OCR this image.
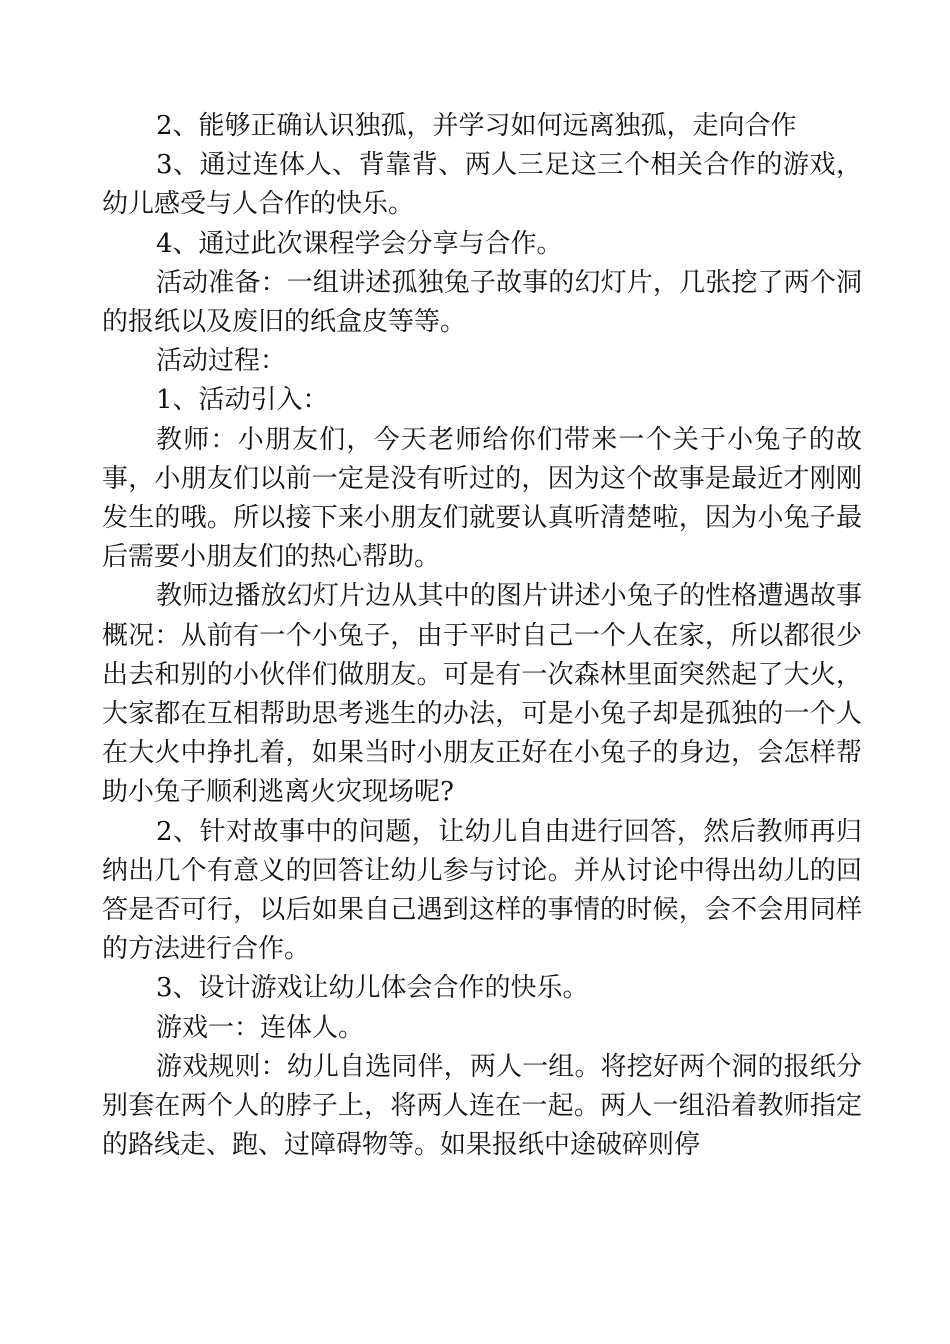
2、能够正确认识独孤，并学习如何远离独孤，走向合作

3、通过连体人、背靠背、两人三足这三个相关合作的游戏，幼儿感受与人合作的快乐。

4、通过此次课程学会分享与合作。

活动准备：一组讲述孤独兔子故事的幻灯片，几张挖了两个洞的报纸以及废旧的纸盒皮等等。

活动过程：

1、活动引入：

教师：小朋友们，今天老师给你们带来一个关于小兔子的故事，小朋友们以前一定是没有听过的，因为这个故事是最近才刚刚发生的哦。所以接下来小朋友们就要认真听清楚啦，因为小兔子最后需要小朋友们的热心帮助。

教师边播放幻灯片边从其中的图片讲述小兔子的性格遭遇故事概况：从前有一个小兔子，由于平时自己一个人在家，所以都很少出去和别的小伙伴们做朋友。可是有一次森林里面突然起了大火，大家都在互相帮助思考逃生的办法，可是小兔子却是孤独的一个人在大火中挣扎着，如果当时小朋友正好在小兔子的身边，会怎样帮助小兔子顺利逃离火灾现场呢?

2、针对故事中的问题，让幼儿自由进行回答，然后教师再归纳出几个有意义的回答让幼儿参与讨论。并从讨论中得出幼儿的回答是否可行，以后如果自己遇到这样的事情的时候，会不会用同样的方法进行合作。

3、设计游戏让幼儿体会合作的快乐。

游戏一：连体人。

游戏规则：幼儿自选同伴，两人一组。将挖好两个洞的报纸分别套在两个人的脖子上，将两人连在一起。两人一组沿着教师指定的路线走、跑、过障碍物等。如果报纸中途破碎则停
